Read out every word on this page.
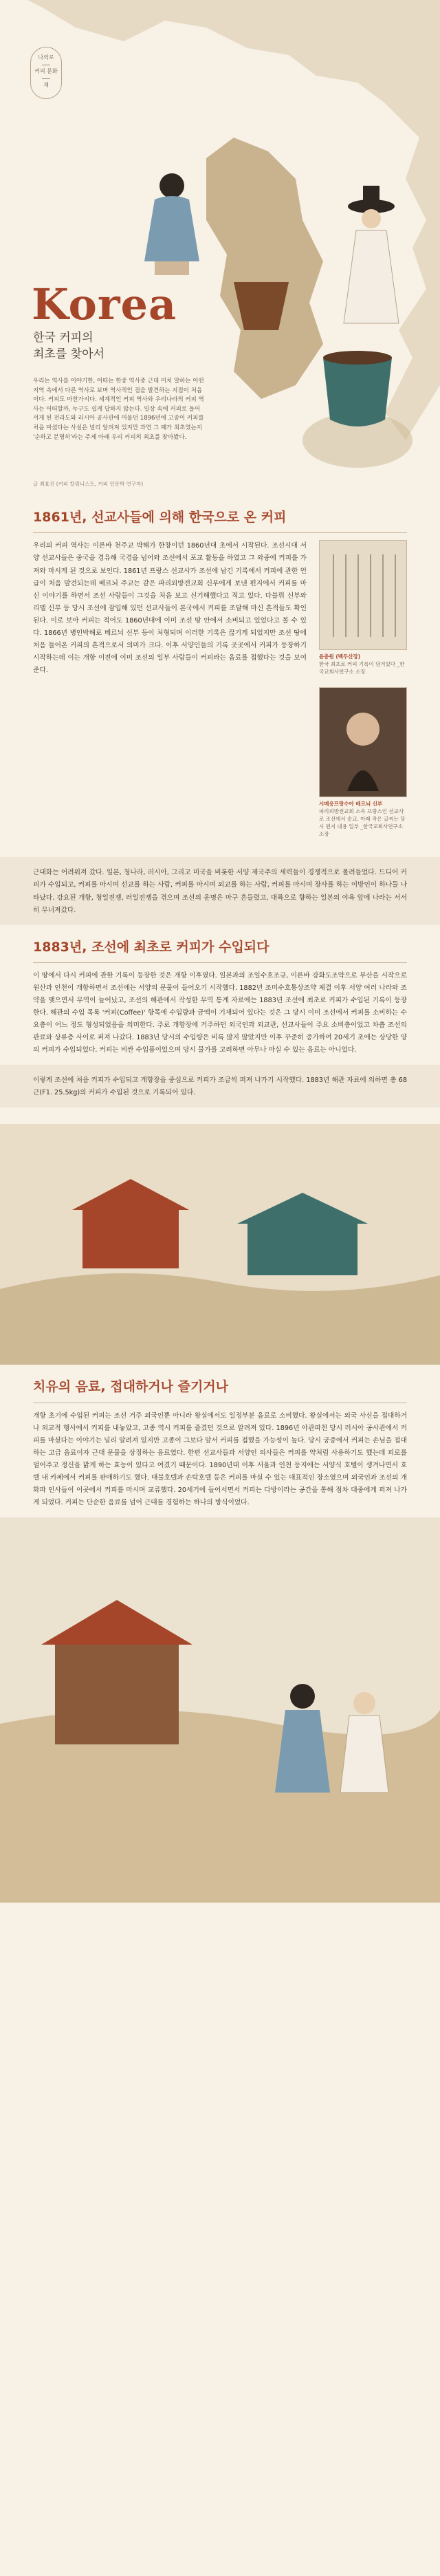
나의로
커피 문화
재
Korea
한국 커피의
최초를 찾아서
우리는 역사를 이야기한, 어떠는 한중 역사중 근대 미처 말하는 어떤 지역 속에서 다른 역사로 보며 역사적인 점을 발견하는 지점이 처음이다. 커피도 마찬가지다. 세계적인 커피 역사와 우리나라의 커피 역사는 어떠할까, 누구도 쉽게 답하지 않는다. 일상 속에 커피로 들어서게 된 전라도와 러시아 공사관에 머물던 1896년에 고종이 커피를 처음 마셨다는 사실은 널리 알려져 있지만 과연 그 때가 최초였는지 '순하고 분명히'라는 주제 아래 우리 커피의 최초를 찾아봤다.
글 최효진 (커피 칼럼니스트, 커피 인문학 연구자)
1861년, 선교사들에 의해 한국으로 온 커피
우리의 커피 역사는 이른바 천주교 박해가 한창이던 1860년대 초에서 시작된다. 조선시대 서양 선교사들은 중국을 경유해 국경을 넘어와 조선에서 포교 활동을 하였고 그 와중에 커피를 가져와 마시게 된 것으로 보인다. 1861년 프랑스 선교사가 조선에 남긴 기록에서 커피에 관한 언급이 처음 발견되는데 베르뇌 주교는 같은 파리외방전교회 신부에게 보낸 편지에서 커피를 마신 이야기를 하면서 조선 사람들이 그것을 처음 보고 신기해했다고 적고 있다. 다블뤼 신부와 리델 신부 등 당시 조선에 잠입해 있던 선교사들이 본국에서 커피를 조달해 마신 흔적들도 확인된다. 이로 보아 커피는 적어도 1860년대에 이미 조선 땅 안에서 소비되고 있었다고 볼 수 있다. 1866년 병인박해로 베르뇌 신부 등이 처형되며 이러한 기록은 끊기게 되었지만 조선 땅에 처음 들어온 커피의 흔적으로서 의미가 크다. 이후 서양인들의 기록 곳곳에서 커피가 등장하기 시작하는데 이는 개항 이전에 이미 조선의 일부 사람들이 커피라는 음료를 접했다는 것을 보여준다.
윤충원 (백두산장)
한국 최초로 커피 기록이 담겨있다 _한국교회사연구소 소장
시메옹프랑수아 베르뇌 신부
파리외방전교회 소속 프랑스인 선교사로 조선에서 순교. 아래 작은 글씨는 당시 편지 내용 일부 _한국교회사연구소 소장
근대화는 어려워져 갔다. 일본, 청나라, 러시아, 그리고 미국을 비롯한 서양 제국주의 세력들이 경쟁적으로 몰려들었다. 드디어 커피가 수입되고, 커피를 마시며 선교를 하는 사람, 커피를 마시며 외교를 하는 사람, 커피를 마시며 장사를 하는 이방인이 하나둘 나타났다. 강요된 개항, 청일전쟁, 러일전쟁을 겪으며 조선의 운명은 마구 흔들렸고, 대륙으로 향하는 일본의 야욕 앞에 나라는 서서히 무너져갔다.
1883년, 조선에 최초로 커피가 수입되다
이 땅에서 다시 커피에 관한 기록이 등장한 것은 개항 이후였다. 일본과의 조일수호조규, 이른바 강화도조약으로 부산을 시작으로 원산과 인천이 개항하면서 조선에는 서양의 문물이 들어오기 시작했다. 1882년 조미수호통상조약 체결 이후 서양 여러 나라와 조약을 맺으면서 무역이 늘어났고, 조선의 해관에서 작성한 무역 통계 자료에는 1883년 조선에 최초로 커피가 수입된 기록이 등장한다. 해관의 수입 목록 '커피(Coffee)' 항목에 수입량과 금액이 기재되어 있다는 것은 그 당시 이미 조선에서 커피를 소비하는 수요층이 어느 정도 형성되었음을 의미한다. 주로 개항장에 거주하던 외국인과 외교관, 선교사들이 주요 소비층이었고 차츰 조선의 관료와 상류층 사이로 퍼져 나갔다. 1883년 당시의 수입량은 비록 많지 않았지만 이후 꾸준히 증가하여 20세기 초에는 상당한 양의 커피가 수입되었다. 커피는 비싼 수입품이었으며 당시 물가를 고려하면 아무나 마실 수 있는 음료는 아니었다.
이렇게 조선에 처음 커피가 수입되고 개항장을 중심으로 커피가 조금씩 퍼져 나가기 시작했다. 1883년 해관 자료에 의하면 총 68근(F1. 25.5kg)의 커피가 수입된 것으로 기록되어 있다.
치유의 음료, 접대하거나 즐기거나
개항 초기에 수입된 커피는 조선 거주 외국인뿐 아니라 왕실에서도 일정부분 음료로 소비했다. 왕실에서는 외국 사신을 접대하거나 외교적 행사에서 커피를 내놓았고, 고종 역시 커피를 즐겼던 것으로 알려져 있다. 1896년 아관파천 당시 러시아 공사관에서 커피를 마셨다는 이야기는 널리 알려져 있지만 고종이 그보다 앞서 커피를 접했을 가능성이 높다. 당시 궁중에서 커피는 손님을 접대하는 고급 음료이자 근대 문물을 상징하는 음료였다. 한편 선교사들과 서양인 의사들은 커피를 약처럼 사용하기도 했는데 피로를 덜어주고 정신을 맑게 하는 효능이 있다고 여겼기 때문이다. 1890년대 이후 서울과 인천 등지에는 서양식 호텔이 생겨나면서 호텔 내 카페에서 커피를 판매하기도 했다. 대불호텔과 손탁호텔 등은 커피를 마실 수 있는 대표적인 장소였으며 외국인과 조선의 개화파 인사들이 이곳에서 커피를 마시며 교류했다. 20세기에 들어서면서 커피는 다방이라는 공간을 통해 점차 대중에게 퍼져 나가게 되었다. 커피는 단순한 음료를 넘어 근대를 경험하는 하나의 방식이었다.
